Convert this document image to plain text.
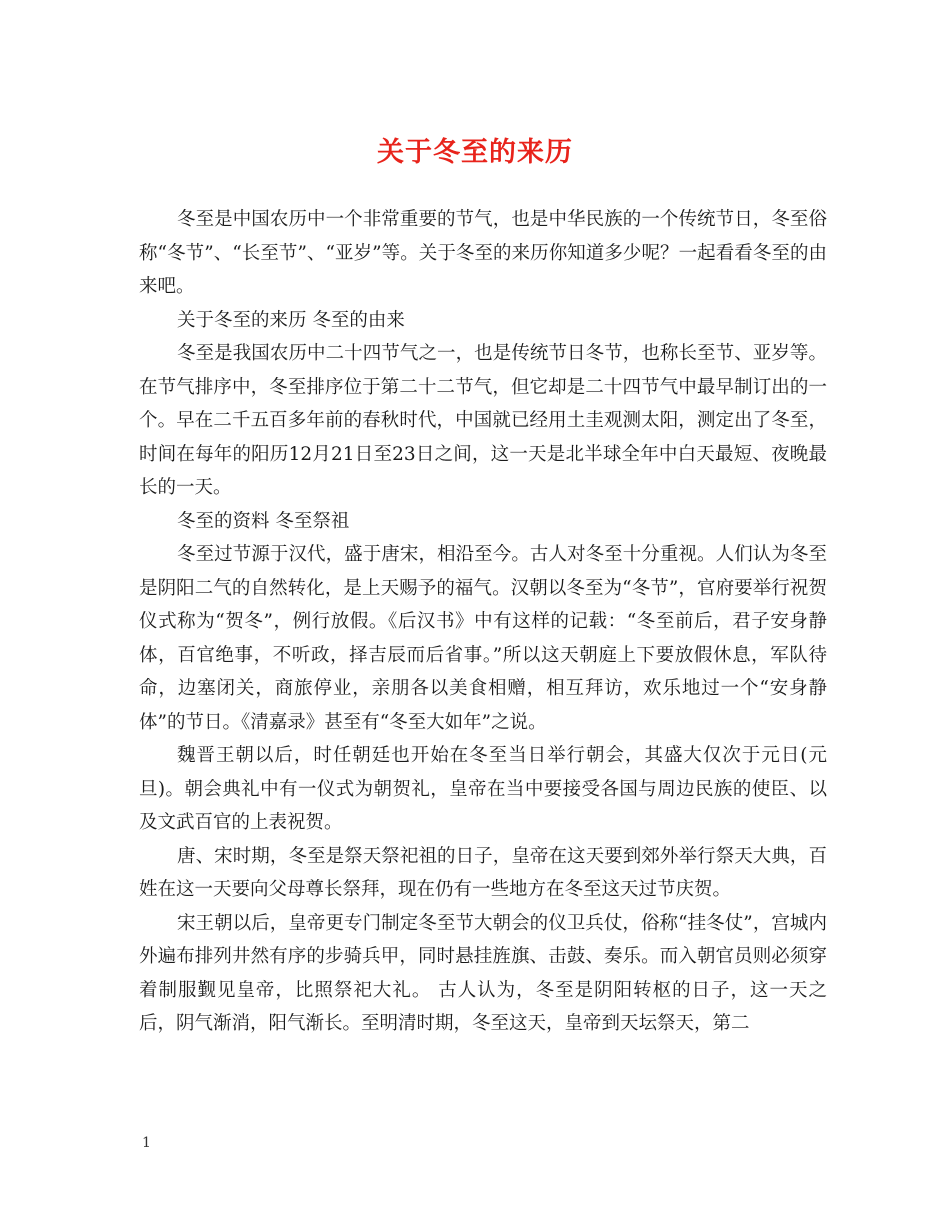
关于冬至的来历

冬至是中国农历中一个非常重要的节气，也是中华民族的一个传统节日，冬至俗称“冬节”、“长至节”、“亚岁”等。关于冬至的来历你知道多少呢？一起看看冬至的由来吧。

关于冬至的来历 冬至的由来

冬至是我国农历中二十四节气之一，也是传统节日冬节，也称长至节、亚岁等。在节气排序中，冬至排序位于第二十二节气，但它却是二十四节气中最早制订出的一个。早在二千五百多年前的春秋时代，中国就已经用土圭观测太阳，测定出了冬至，时间在每年的阳历12月21日至23日之间，这一天是北半球全年中白天最短、夜晚最长的一天。

冬至的资料 冬至祭祖

冬至过节源于汉代，盛于唐宋，相沿至今。古人对冬至十分重视。人们认为冬至是阴阳二气的自然转化，是上天赐予的福气。汉朝以冬至为“冬节”，官府要举行祝贺仪式称为“贺冬”，例行放假。《后汉书》中有这样的记载：“冬至前后，君子安身静体，百官绝事，不听政，择吉辰而后省事。”所以这天朝庭上下要放假休息，军队待命，边塞闭关，商旅停业，亲朋各以美食相赠，相互拜访，欢乐地过一个“安身静体”的节日。《清嘉录》甚至有“冬至大如年”之说。

魏晋王朝以后，时任朝廷也开始在冬至当日举行朝会，其盛大仅次于元日(元旦)。朝会典礼中有一仪式为朝贺礼，皇帝在当中要接受各国与周边民族的使臣、以及文武百官的上表祝贺。

唐、宋时期，冬至是祭天祭祀祖的日子，皇帝在这天要到郊外举行祭天大典，百姓在这一天要向父母尊长祭拜，现在仍有一些地方在冬至这天过节庆贺。

宋王朝以后，皇帝更专门制定冬至节大朝会的仪卫兵仗，俗称“挂冬仗”，宫城内外遍布排列井然有序的步骑兵甲，同时悬挂旌旗、击鼓、奏乐。而入朝官员则必须穿着制服觐见皇帝，比照祭祀大礼。 古人认为，冬至是阴阳转枢的日子，这一天之后，阴气渐消，阳气渐长。至明清时期，冬至这天，皇帝到天坛祭天，第二

1
